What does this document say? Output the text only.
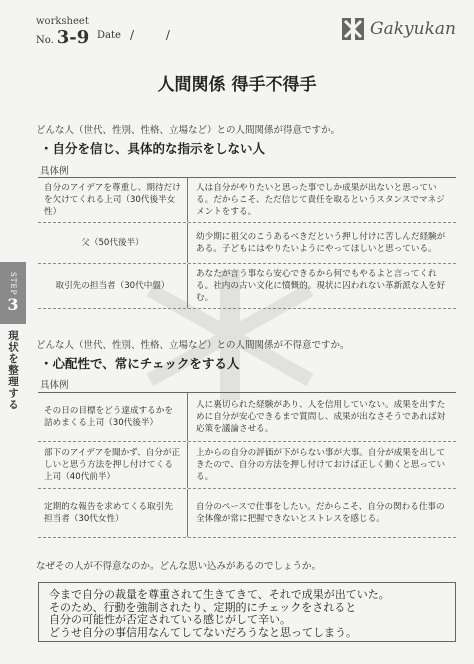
worksheet
No. 3-9 Date / /	Gakyukan
人間関係 得手不得手
どんな人（世代、性別、性格、立場など）との人間関係が得意ですか。
・自分を信じ、具体的な指示をしない人
具体例
自分のアイデアを尊重し、期待だけを欠けてくれる上司（30代後半女性）
人は自分がやりたいと思った事でしか成果が出ないと思っている。だからこそ、ただ信じて責任を取るというスタンスでマネジメントをする。
父（50代後半）
幼少期に祖父のこうあるべきだという押し付けに苦しんだ経験がある。子どもにはやりたいようにやってほしいと思っている。
取引先の担当者（30代中盤）
あなたが言う事なら安心できるから何でもやるよと言ってくれる。社内の古い文化に憤慨的。現状に囚われない革新派な人を好む。
STEP
3
現状を整理する どんな人（世代、性別、性格、立場など）との人間関係が不得意ですか。
・心配性で、常にチェックをする人
具体例
その日の目標をどう達成するかを詰めまくる上司（30代後半）
人に裏切られた経験があり、人を信用していない。成果を出すために自分が安心できるまで質問し、成果が出なさそうであれば対応策を議論させる。
部下のアイデアを聞かず、自分が正しいと思う方法を押し付けてくる上司（40代前半）
上からの自分の評価が下がらない事が大事。自分が成果を出してきたので、自分の方法を押し付けておけば正しく動くと思っている。
定期的な報告を求めてくる取引先担当者（30代女性）
自分のペースで仕事をしたい。だからこそ、自分の関わる仕事の全体像が常に把握できないとストレスを感じる。
なぜその人が不得意なのか。どんな思い込みがあるのでしょうか。
今まで自分の裁量を尊重されて生きてきて、それで成果が出ていた。
そのため、行動を強制されたり、定期的にチェックをされると
自分の可能性が否定されている感じがして辛い。
どうせ自分の事信用なんてしてないだろうなと思ってしまう。
